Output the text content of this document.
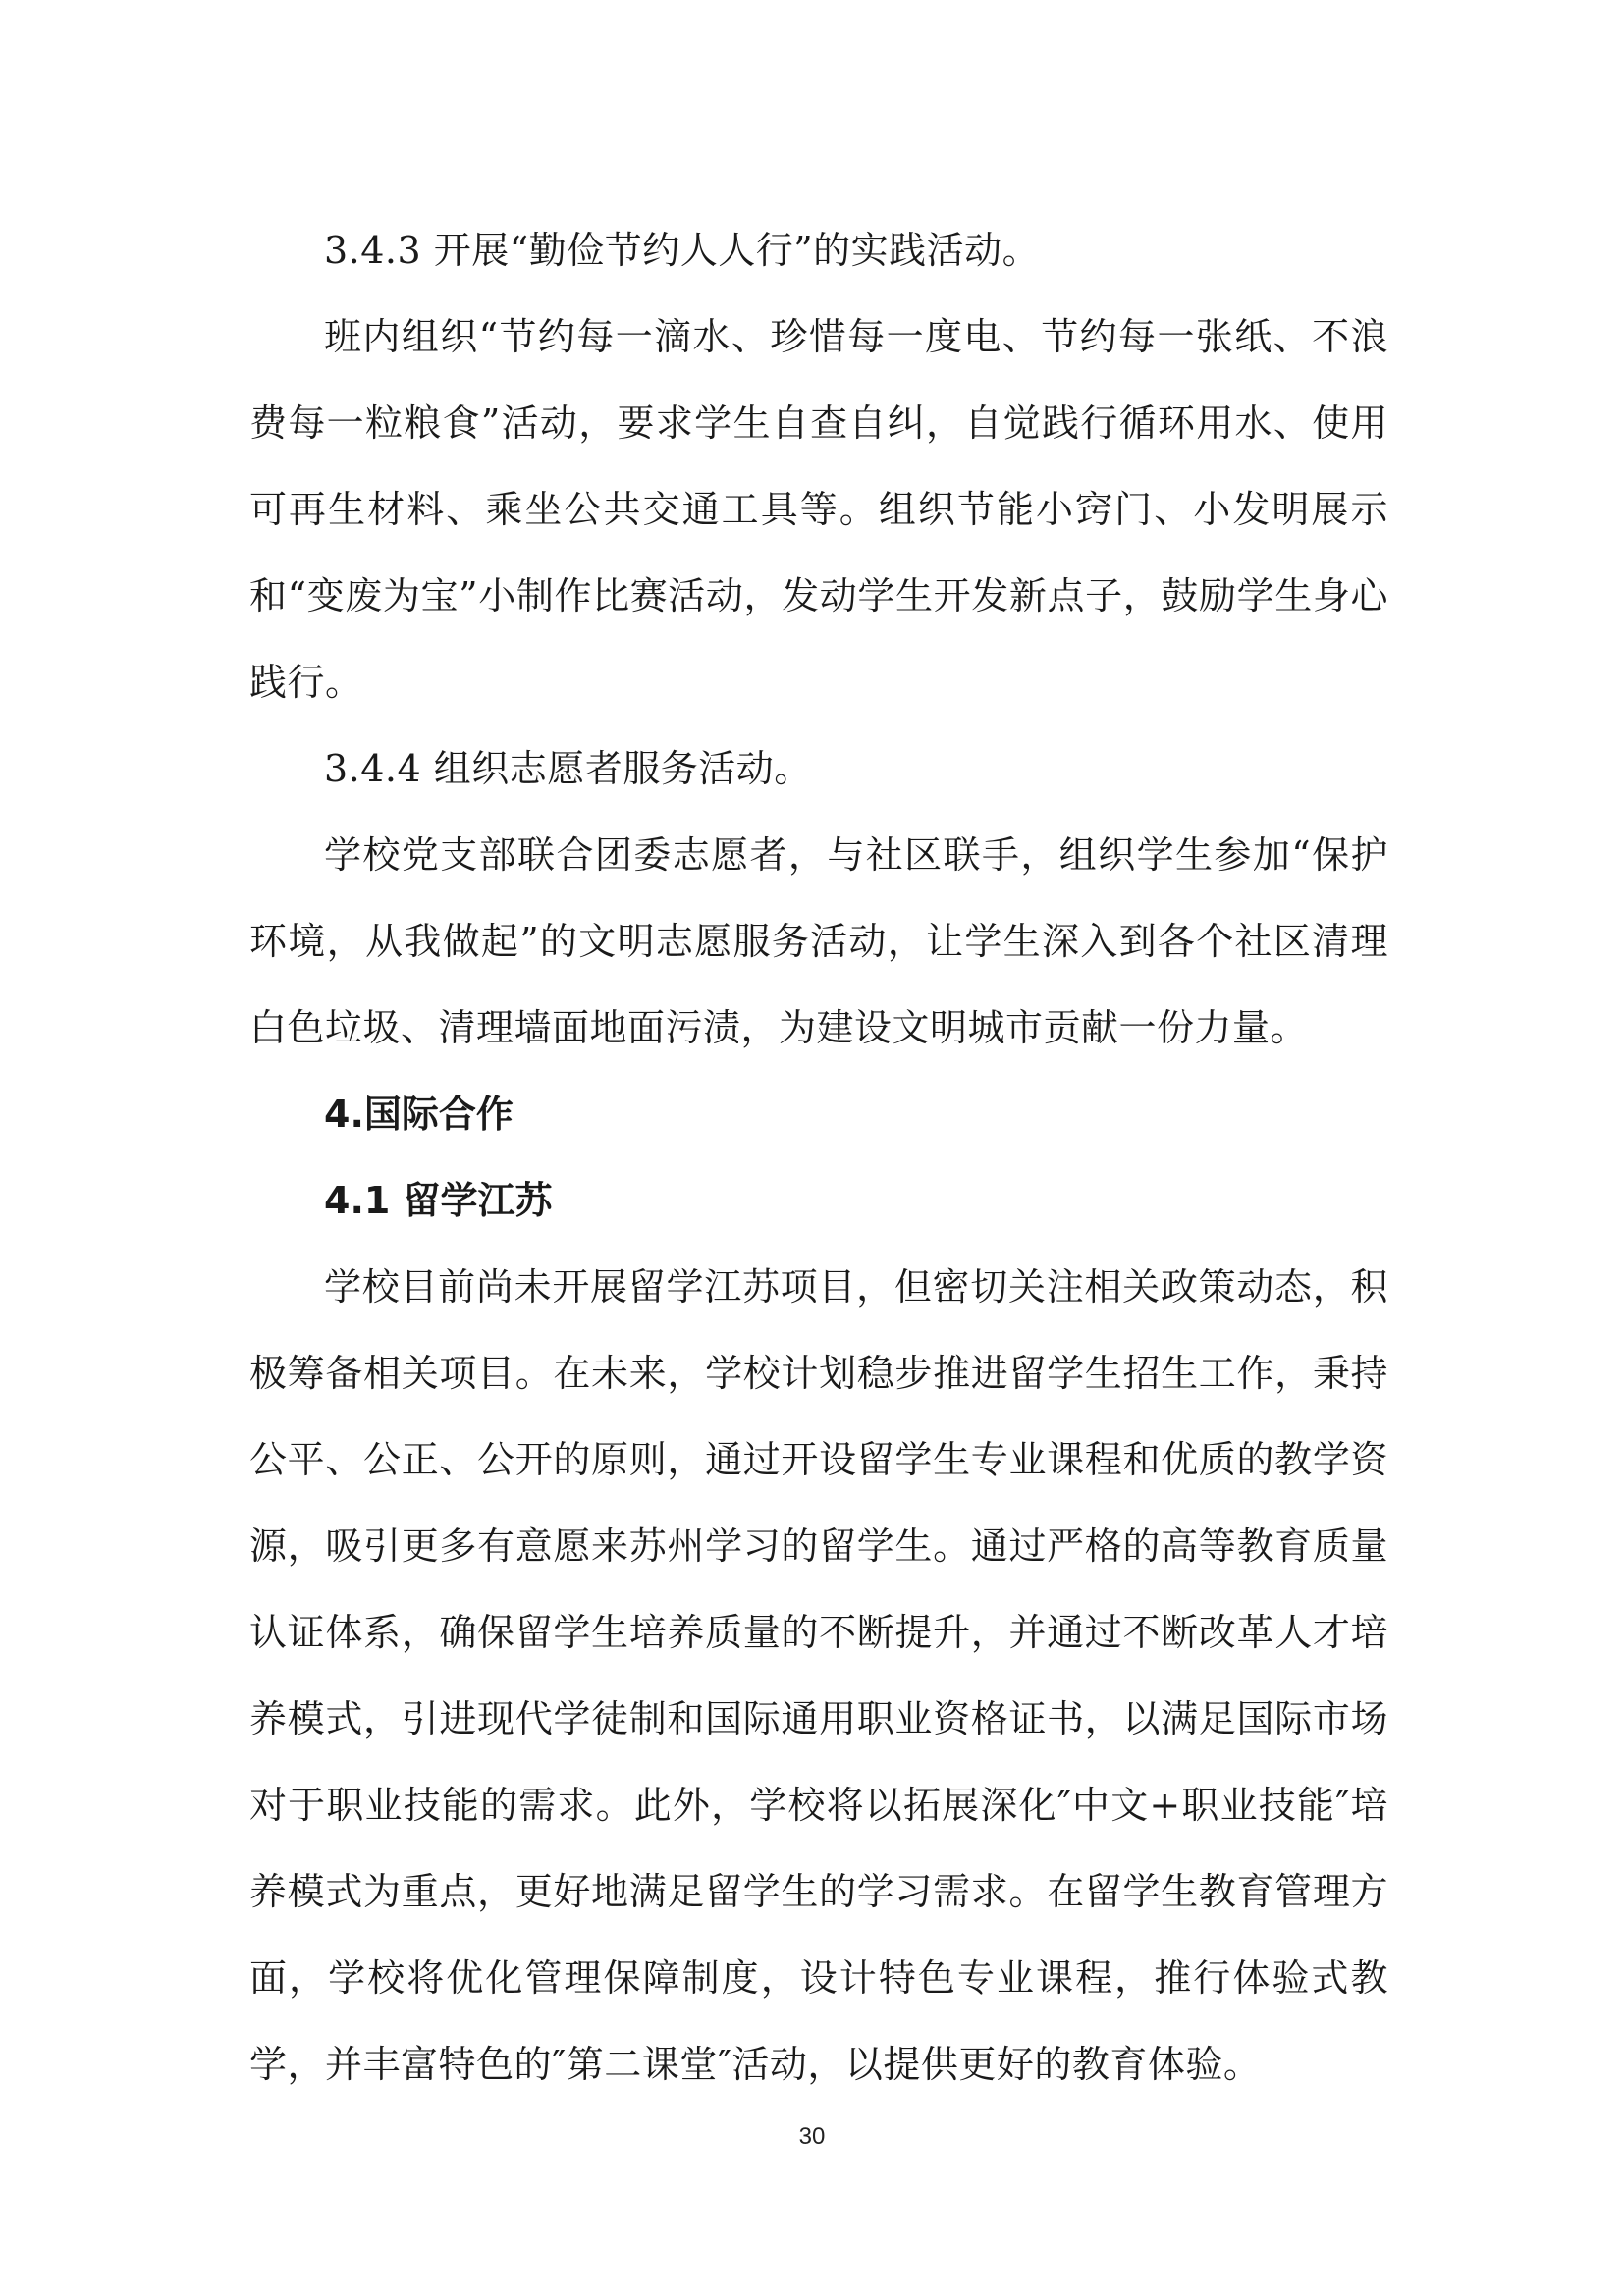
3.4.3 开展“勤俭节约人人行”的实践活动。

班内组织“节约每一滴水、珍惜每一度电、节约每一张纸、不浪费每一粒粮食”活动，要求学生自查自纠，自觉践行循环用水、使用可再生材料、乘坐公共交通工具等。组织节能小窍门、小发明展示和“变废为宝”小制作比赛活动，发动学生开发新点子，鼓励学生身心践行。

3.4.4 组织志愿者服务活动。

学校党支部联合团委志愿者，与社区联手，组织学生参加“保护环境，从我做起”的文明志愿服务活动，让学生深入到各个社区清理白色垃圾、清理墙面地面污渍，为建设文明城市贡献一份力量。

4.国际合作

4.1 留学江苏

学校目前尚未开展留学江苏项目，但密切关注相关政策动态，积极筹备相关项目。在未来，学校计划稳步推进留学生招生工作，秉持公平、公正、公开的原则，通过开设留学生专业课程和优质的教学资源，吸引更多有意愿来苏州学习的留学生。通过严格的高等教育质量认证体系，确保留学生培养质量的不断提升，并通过不断改革人才培养模式，引进现代学徒制和国际通用职业资格证书，以满足国际市场对于职业技能的需求。此外，学校将以拓展深化″中文+职业技能″培养模式为重点，更好地满足留学生的学习需求。在留学生教育管理方面，学校将优化管理保障制度，设计特色专业课程，推行体验式教学，并丰富特色的″第二课堂″活动，以提供更好的教育体验。

30
